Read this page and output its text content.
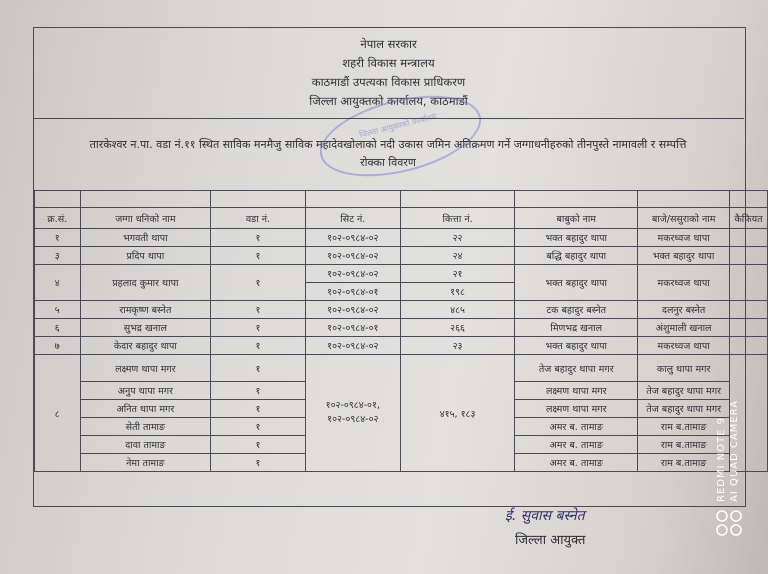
नेपाल सरकार
शहरी विकास मन्त्रालय
काठमाडौं उपत्यका विकास प्राधिकरण
जिल्ला आयुक्तको कार्यालय, काठमाडौं
जिल्ला आयुक्तको कार्यालय
तारकेश्वर न.पा. वडा नं.११ स्थित साविक मनमैजु साविक महादेवखोलाको नदी उकास जमिन अतिक्रमण गर्ने जग्गाधनीहरुको तीनपुस्ते नामावली र सम्पत्ति
रोक्का विवरण

क्र.सं.	जग्गा धनिको नाम	वडा नं.	सिट नं.	कित्ता नं.	बाबुको नाम	बाजे/ससुराको नाम	कैफियत
१	भगवती थापा	१	१०२-०९८४-०२	२२	भक्त बहादुर थापा	मकरध्वज थापा	
३	प्रदिप थापा	१	१०२-०९८४-०२	२४	बद्धि बहादुर थापा	भक्त बहादुर थापा	
४	प्रहलाद कुमार थापा	१	१०२-०९८४-०२	२१	भक्त बहादुर थापा	मकरध्वज थापा	
			१०२-०९८४-०१	१९८			
५	रामकृष्ण बस्नेत	१	१०२-०९८४-०२	४८५	टक बहादुर बस्नेत	दलनुर बस्नेत	
६	सुभद्र खनाल	१	१०२-०९८४-०१	२६६	मिणभद्र खनाल	अंशुमाली खनाल	
७	केदार बहादुर थापा	१	१०२-०९८४-०२	२३	भक्त बहादुर थापा	मकरध्वज थापा	
८	लक्ष्मण थापा मगर	१	१०२-०९८४-०१, १०२-०९८४-०२	४१५, १८३	तेज बहादुर थापा मगर	कालु थापा मगर	
	अनुप थापा मगर	१			लक्ष्मण थापा मगर	तेज बहादुर थापा मगर	
	अनित थापा मगर	१			लक्ष्मण थापा मगर	तेज बहादुर थापा मगर	
	सेती तामाङ	१			अमर ब. तामाङ	राम ब.तामाङ	
	दावा तामाङ	१			अमर ब. तामाङ	राम ब.तामाङ	
	नेमा तामाङ	१			अमर ब. तामाङ	राम ब.तामाङ	
ई. सुवास बस्नेत
जिल्ला आयुक्त
REDMI NOTE 9 AI QUAD CAMERA
